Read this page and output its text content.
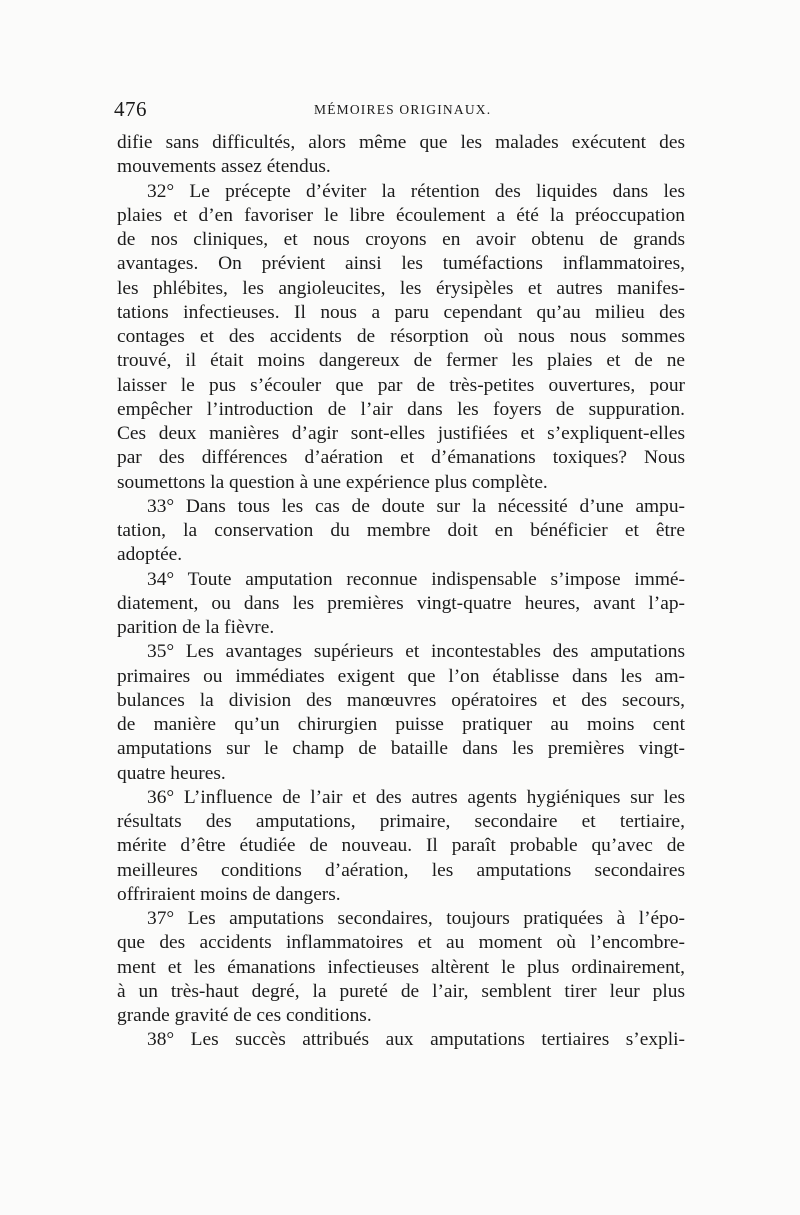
476	MÉMOIRES ORIGINAUX.
difie sans difficultés, alors même que les malades exécutent des
mouvements assez étendus.
32° Le précepte d’éviter la rétention des liquides dans les
plaies et d’en favoriser le libre écoulement a été la préoccupation
de nos cliniques, et nous croyons en avoir obtenu de grands
avantages. On prévient ainsi les tuméfactions inflammatoires,
les phlébites, les angioleucites, les érysipèles et autres manifes-
tations infectieuses. Il nous a paru cependant qu’au milieu des
contages et des accidents de résorption où nous nous sommes
trouvé, il était moins dangereux de fermer les plaies et de ne
laisser le pus s’écouler que par de très-petites ouvertures, pour
empêcher l’introduction de l’air dans les foyers de suppuration.
Ces deux manières d’agir sont-elles justifiées et s’expliquent-elles
par des différences d’aération et d’émanations toxiques? Nous
soumettons la question à une expérience plus complète.
33° Dans tous les cas de doute sur la nécessité d’une ampu-
tation, la conservation du membre doit en bénéficier et être
adoptée.
34° Toute amputation reconnue indispensable s’impose immé-
diatement, ou dans les premières vingt-quatre heures, avant l’ap-
parition de la fièvre.
35° Les avantages supérieurs et incontestables des amputations
primaires ou immédiates exigent que l’on établisse dans les am-
bulances la division des manœuvres opératoires et des secours,
de manière qu’un chirurgien puisse pratiquer au moins cent
amputations sur le champ de bataille dans les premières vingt-
quatre heures.
36° L’influence de l’air et des autres agents hygiéniques sur les
résultats des amputations, primaire, secondaire et tertiaire,
mérite d’être étudiée de nouveau. Il paraît probable qu’avec de
meilleures conditions d’aération, les amputations secondaires
offriraient moins de dangers.
37° Les amputations secondaires, toujours pratiquées à l’épo-
que des accidents inflammatoires et au moment où l’encombre-
ment et les émanations infectieuses altèrent le plus ordinairement,
à un très-haut degré, la pureté de l’air, semblent tirer leur plus
grande gravité de ces conditions.
38° Les succès attribués aux amputations tertiaires s’expli-
